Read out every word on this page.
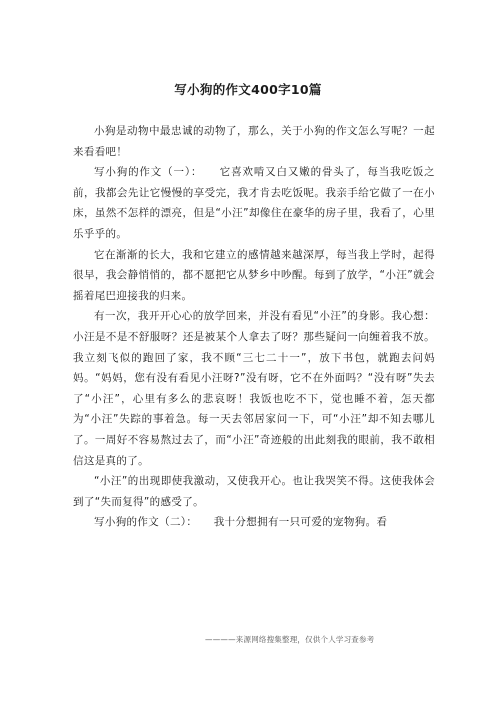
写小狗的作文400字10篇

小狗是动物中最忠诚的动物了，那么，关于小狗的作文怎么写呢？一起来看看吧！

写小狗的作文（一）：　　它喜欢啃又白又嫩的骨头了，每当我吃饭之前，我都会先让它慢慢的享受完，我才肯去吃饭呢。我亲手给它做了一在小床，虽然不怎样的漂亮，但是“小汪”却像住在豪华的房子里，我看了，心里乐乎乎的。

它在渐渐的长大，我和它建立的感情越来越深厚，每当我上学时，起得很早，我会静悄悄的，都不愿把它从梦乡中吵醒。每到了放学，“小汪”就会摇着尾巴迎接我的归来。

有一次，我开开心心的放学回来，并没有看见“小汪”的身影。我心想：小汪是不是不舒服呀？还是被某个人拿去了呀？那些疑问一向缠着我不放。我立刻飞似的跑回了家，我不顾“三七二十一”，放下书包，就跑去问妈妈。“妈妈，您有没有看见小汪呀?”没有呀，它不在外面吗？“没有呀”失去了“小汪”，心里有多么的悲哀呀！我饭也吃不下，觉也睡不着，怎天都为“小汪”失踪的事着急。每一天去邻居家问一下，可“小汪”却不知去哪儿了。一周好不容易熬过去了，而“小汪”奇迹般的出此刻我的眼前，我不敢相信这是真的了。

“小汪”的出现即使我激动，又使我开心。也让我哭笑不得。这使我体会到了“失而复得”的感受了。

写小狗的作文（二）：　　我十分想拥有一只可爱的宠物狗。看

————来源网络搜集整理，仅供个人学习查参考
